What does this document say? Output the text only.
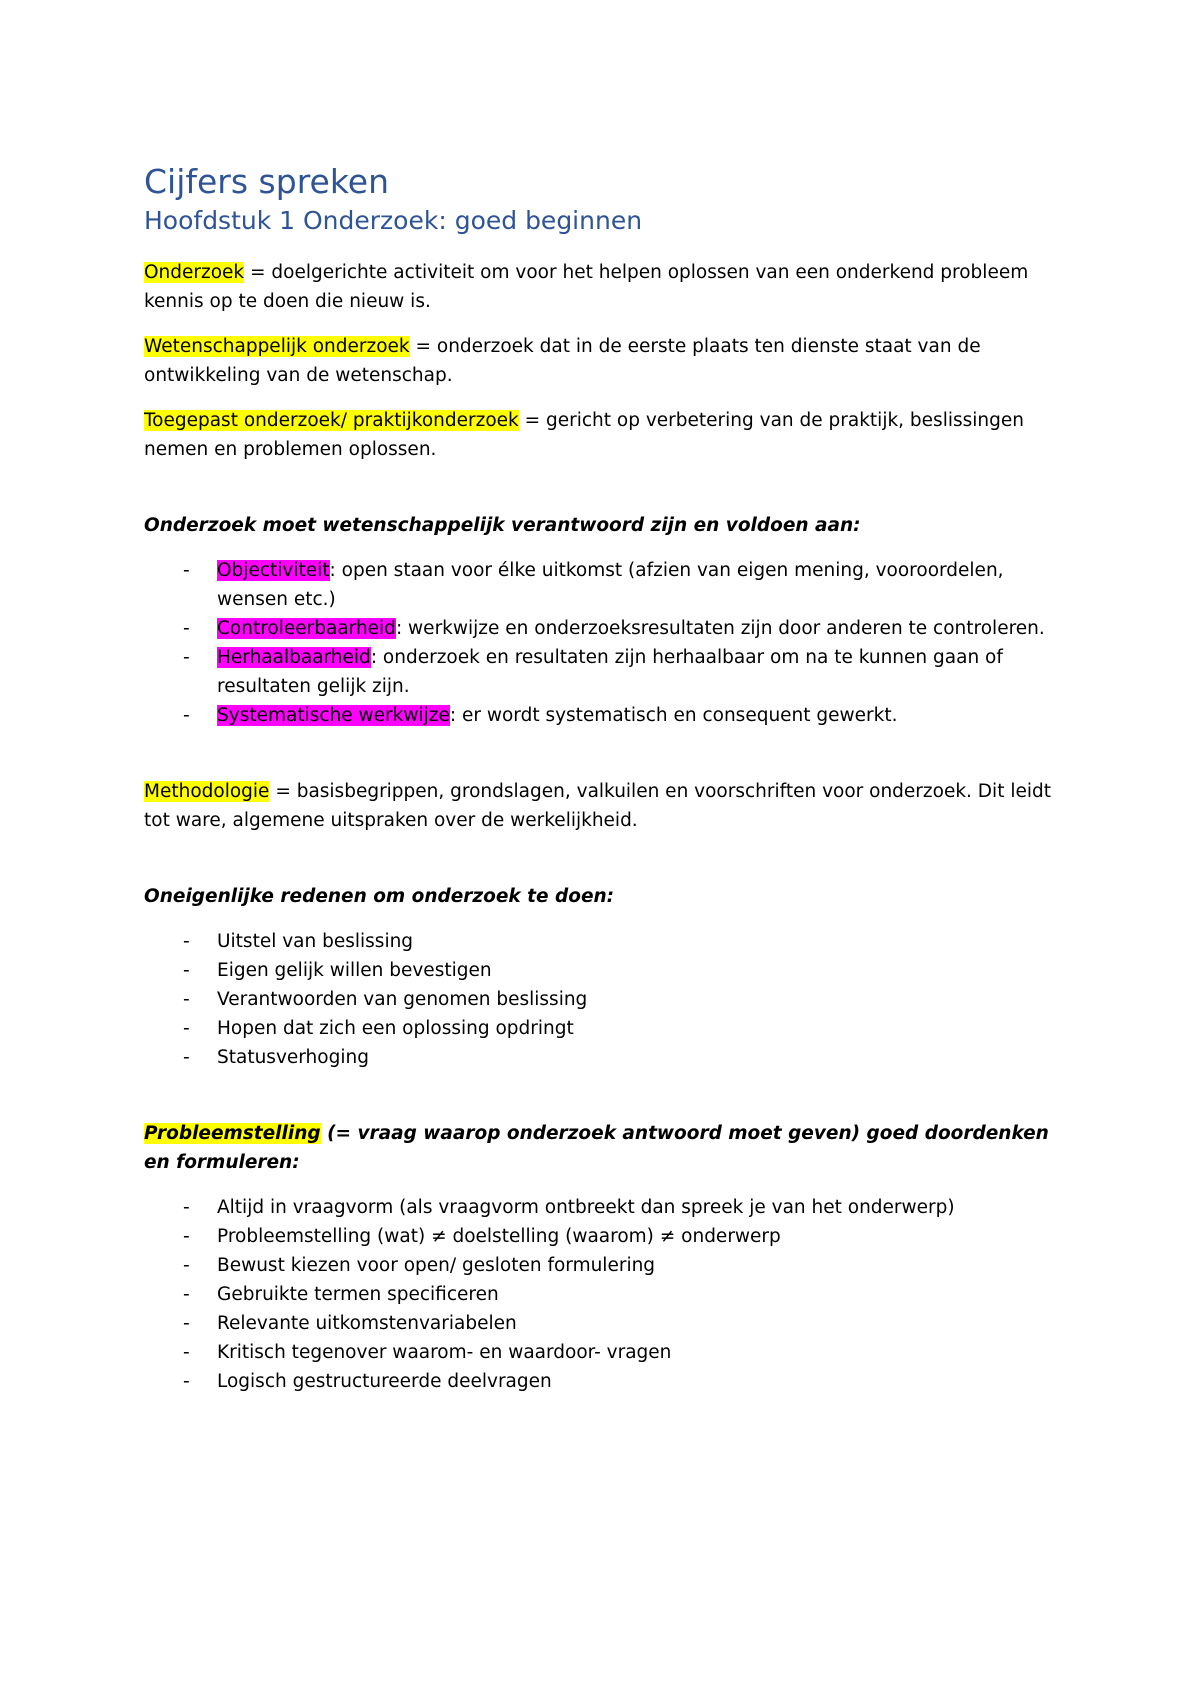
Cijfers spreken
Hoofdstuk 1 Onderzoek: goed beginnen

Onderzoek = doelgerichte activiteit om voor het helpen oplossen van een onderkend probleem kennis op te doen die nieuw is.

Wetenschappelijk onderzoek = onderzoek dat in de eerste plaats ten dienste staat van de ontwikkeling van de wetenschap.

Toegepast onderzoek/ praktijkonderzoek = gericht op verbetering van de praktijk, beslissingen nemen en problemen oplossen.

Onderzoek moet wetenschappelijk verantwoord zijn en voldoen aan:

- Objectiviteit: open staan voor élke uitkomst (afzien van eigen mening, vooroordelen, wensen etc.)
- Controleerbaarheid: werkwijze en onderzoeksresultaten zijn door anderen te controleren.
- Herhaalbaarheid: onderzoek en resultaten zijn herhaalbaar om na te kunnen gaan of resultaten gelijk zijn.
- Systematische werkwijze: er wordt systematisch en consequent gewerkt.

Methodologie = basisbegrippen, grondslagen, valkuilen en voorschriften voor onderzoek. Dit leidt tot ware, algemene uitspraken over de werkelijkheid.

Oneigenlijke redenen om onderzoek te doen:

- Uitstel van beslissing
- Eigen gelijk willen bevestigen
- Verantwoorden van genomen beslissing
- Hopen dat zich een oplossing opdringt
- Statusverhoging

Probleemstelling (= vraag waarop onderzoek antwoord moet geven) goed doordenken en formuleren:

- Altijd in vraagvorm (als vraagvorm ontbreekt dan spreek je van het onderwerp)
- Probleemstelling (wat) ≠ doelstelling (waarom) ≠ onderwerp
- Bewust kiezen voor open/ gesloten formulering
- Gebruikte termen specificeren
- Relevante uitkomstenvariabelen
- Kritisch tegenover waarom- en waardoor- vragen
- Logisch gestructureerde deelvragen
